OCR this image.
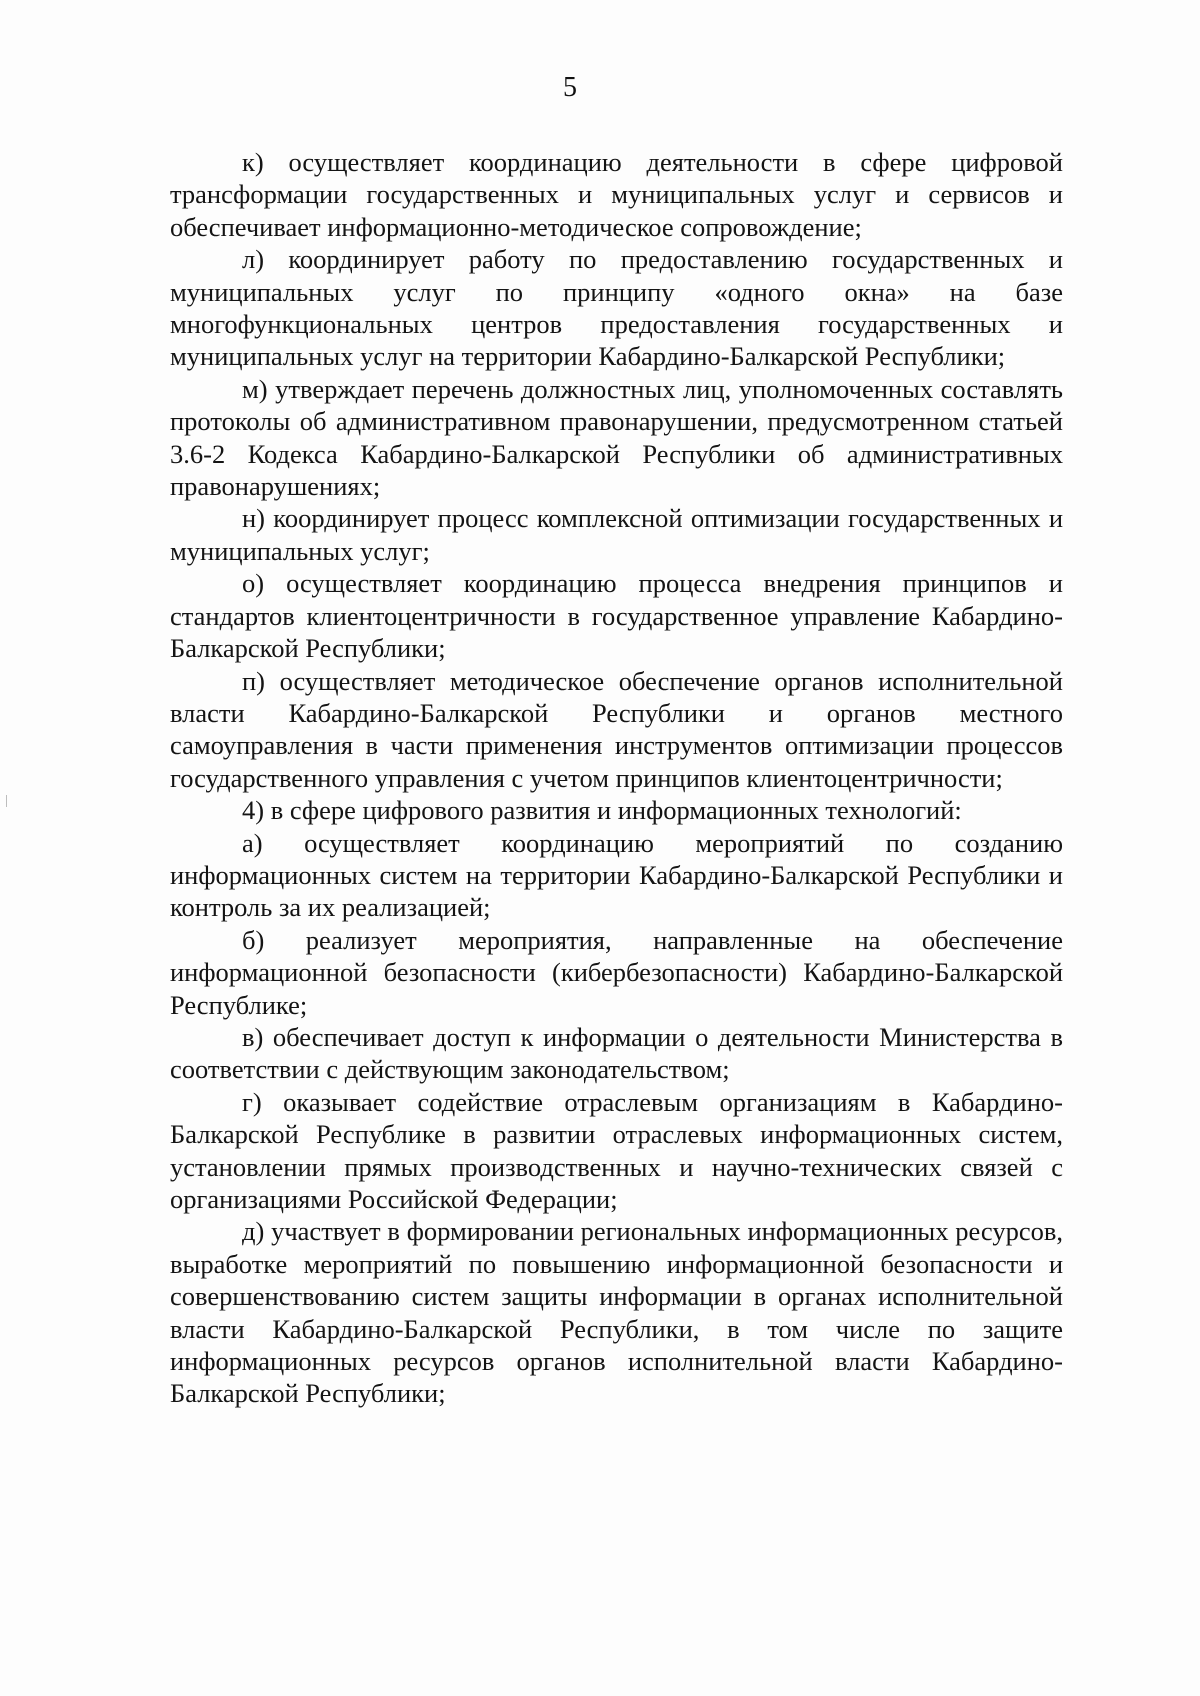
5

к) осуществляет координацию деятельности в сфере цифровой трансформации государственных и муниципальных услуг и сервисов и обеспечивает информационно-методическое сопровождение;

л) координирует работу по предоставлению государственных и муниципальных услуг по принципу «одного окна» на базе многофункциональных центров предоставления государственных и муниципальных услуг на территории Кабардино-Балкарской Республики;

м) утверждает перечень должностных лиц, уполномоченных составлять протоколы об административном правонарушении, предусмотренном статьей 3.6-2 Кодекса Кабардино-Балкарской Республики об административных правонарушениях;

н) координирует процесс комплексной оптимизации государственных и муниципальных услуг;

о) осуществляет координацию процесса внедрения принципов и стандартов клиентоцентричности в государственное управление Кабардино-Балкарской Республики;

п) осуществляет методическое обеспечение органов исполнительной власти Кабардино-Балкарской Республики и органов местного самоуправления в части применения инструментов оптимизации процессов государственного управления с учетом принципов клиентоцентричности;

4) в сфере цифрового развития и информационных технологий:

а) осуществляет координацию мероприятий по созданию информационных систем на территории Кабардино-Балкарской Республики и контроль за их реализацией;

б) реализует мероприятия, направленные на обеспечение информационной безопасности (кибербезопасности) Кабардино-Балкарской Республике;

в) обеспечивает доступ к информации о деятельности Министерства в соответствии с действующим законодательством;

г) оказывает содействие отраслевым организациям в Кабардино-Балкарской Республике в развитии отраслевых информационных систем, установлении прямых производственных и научно-технических связей с организациями Российской Федерации;

д) участвует в формировании региональных информационных ресурсов, выработке мероприятий по повышению информационной безопасности и совершенствованию систем защиты информации в органах исполнительной власти Кабардино-Балкарской Республики, в том числе по защите информационных ресурсов органов исполнительной власти Кабардино-Балкарской Республики;
